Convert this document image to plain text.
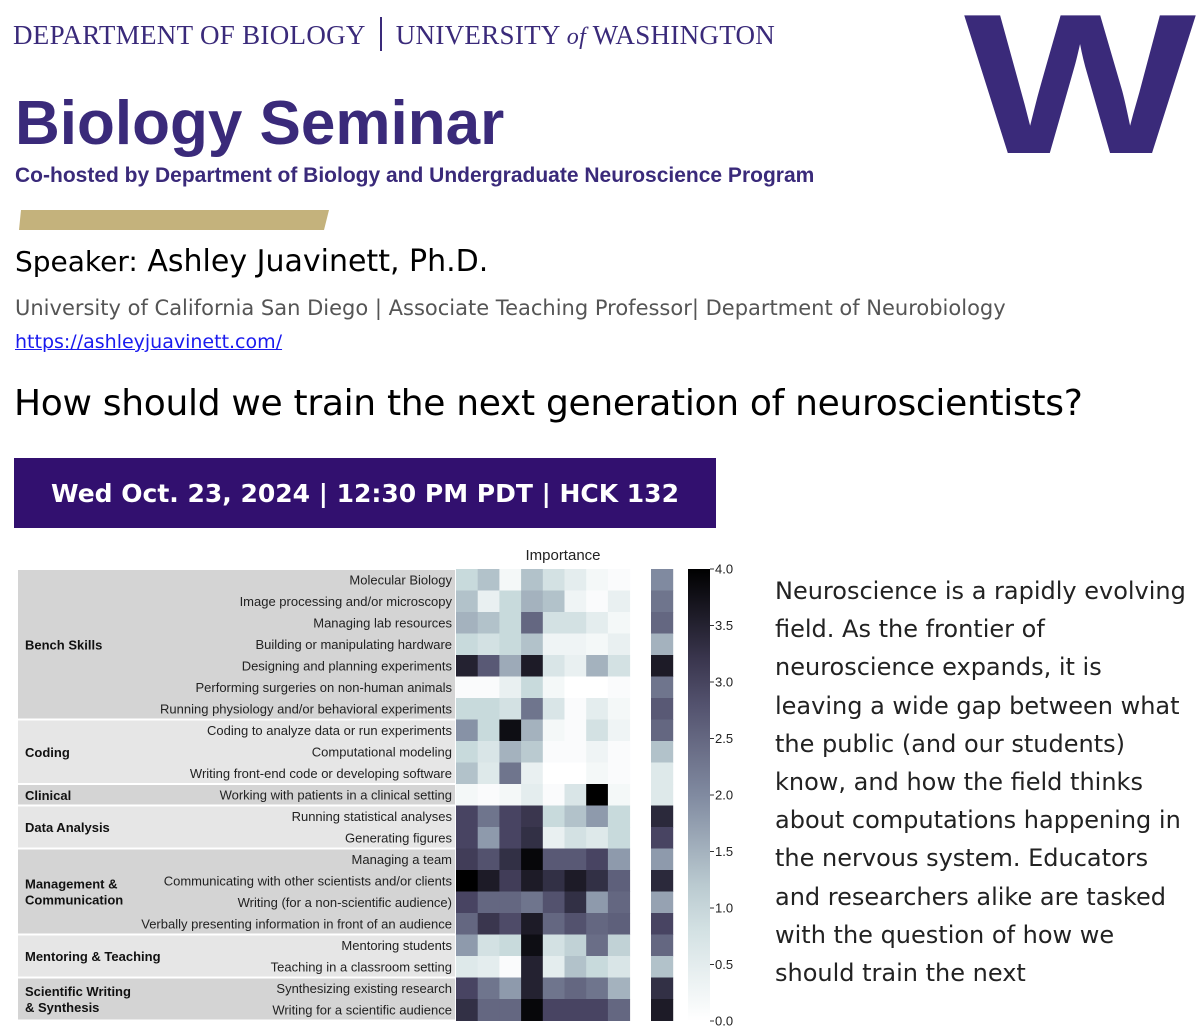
DEPARTMENT OF BIOLOGY UNIVERSITY of WASHINGTON W
Biology Seminar
Co-hosted by Department of Biology and Undergraduate Neuroscience Program
Speaker: Ashley Juavinett, Ph.D.
University of California San Diego | Associate Teaching Professor| Department of Neurobiology
https://ashleyjuavinett.com/
How should we train the next generation of neuroscientists?
Wed Oct. 23, 2024 | 12:30 PM PDT | HCK 132
Bench Skills
Coding
Clinical
Data Analysis
Management & Communication
Mentoring & Teaching
Scientific Writing & Synthesis
Molecular Biology
Image processing and/or microscopy
Managing lab resources
Building or manipulating hardware
Designing and planning experiments
Performing surgeries on non-human animals
Running physiology and/or behavioral experiments
Coding to analyze data or run experiments
Computational modeling
Writing front-end code or developing software
Working with patients in a clinical setting
Running statistical analyses
Generating figures
Managing a team
Communicating with other scientists and/or clients
Writing (for a non-scientific audience)
Verbally presenting information in front of an audience
Mentoring students
Teaching in a classroom setting
Synthesizing existing research
Writing for a scientific audience
4.0
3.5
3.0
2.5
2.0
1.5
1.0
0.5
0.0
Importance
Neuroscience is a rapidly evolving field. As the frontier of neuroscience expands, it is leaving a wide gap between what the public (and our students) know, and how the field thinks about computations happening in the nervous system. Educators and researchers alike are tasked with the question of how we should train the next
